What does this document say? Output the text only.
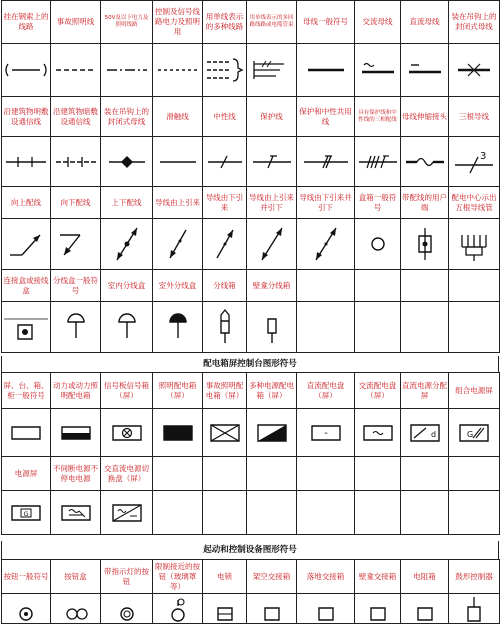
挂在钢索上的线路	事故照明线	50V及以下电力及照明线路	控制及信号线路电力及照明用	用单线表示的多种线路	用单线表示的多回路线路或电缆管束	母线一般符号	交流母线	直流母线	装在吊钩上的封闭式母线

沿建筑物明敷设通信线	沿建筑物暗敷设通信线	装在吊钩上的封闭式母线	滑触线	中性线	保护线	保护和中性共用线	具有保护线和中性线的三相配线	母线伸缩接头	三根导线

3

向上配线	向下配线	上下配线	导线由上引来	导线由下引来	导线由上引来并引下	导线由下引来并引下	盒箱一般符号	带配线的用户端	配电中心示出五根导线管

连接盒或接线盒	分线盒一般符号	室内分线盒	室外分线盒	分线箱	壁龛分线箱				

配电箱屏控制台图形符号
屏、台、箱、柜一般符号	动力或动力照明配电箱	信号板信号箱（屏）	照明配电箱（屏）	事故照明配电箱（屏）	多种电源配电箱（屏）	直流配电盘（屏）	交流配电盘（屏）	直流电源分配屏	组合电源屏

-		d	G

电源屏	不间断电源不停电电源	交直流电源切换盘（屏）							

G

起动和控制设备图形符号
按钮一般符号	按钮盒	带指示灯的按钮	限制接近的按钮（玻璃罩等）	电锁	架空交接箱	落地交接箱	壁龛交接箱	电阻箱	鼓形控制器
